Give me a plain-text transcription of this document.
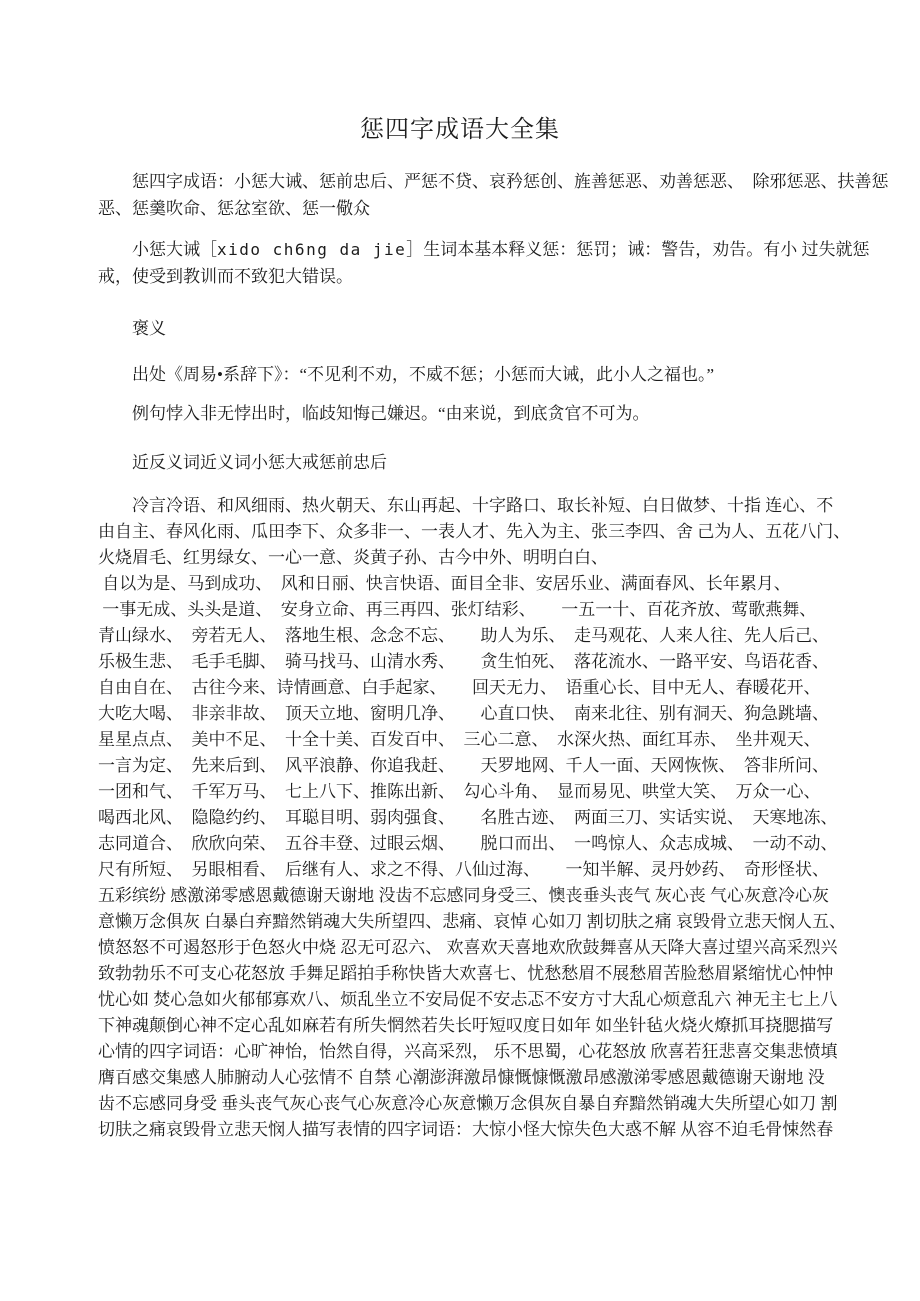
惩四字成语大全集

惩四字成语：小惩大诫、惩前忠后、严惩不贷、哀矜惩创、旌善惩恶、劝善惩恶、　除邪惩恶、扶善惩恶、惩羹吹命、惩忿室欲、惩一儆众

小惩大诫［xido ch6ng da jie］生词本基本释义惩：惩罚；诫：警告，劝告。有小 过失就惩戒，使受到教训而不致犯大错误。

褒义

出处《周易•系辞下》：“不见利不劝，不威不惩；小惩而大诫，此小人之福也。”

例句悖入非无悖出时，临歧知悔己嫌迟。“由来说，到底贪官不可为。

近反义词近义词小惩大戒惩前忠后

　　冷言冷语、和风细雨、热火朝天、东山再起、十字路口、取长补短、白日做梦、十指 连心、不
由自主、春风化雨、瓜田李下、众多非一、一表人才、先入为主、张三李四、舍 己为人、五花八门、
火烧眉毛、红男绿女、一心一意、炎黄子孙、古今中外、明明白白、
自以为是、马到成功、　风和日丽、快言快语、面目全非、安居乐业、满面春风、长年累月、
一事无成、头头是道、　安身立命、再三再四、张灯结彩、　　一五一十、百花齐放、莺歌燕舞、
青山绿水、　旁若无人、　落地生根、念念不忘、　　助人为乐、　走马观花、人来人往、先人后己、
乐极生悲、　毛手毛脚、　骑马找马、山清水秀、　　贪生怕死、　落花流水、一路平安、鸟语花香、
自由自在、　古往今来、诗情画意、白手起家、　　回天无力、　语重心长、目中无人、春暖花开、
大吃大喝、　非亲非故、　顶天立地、窗明几净、　　心直口快、　南来北往、别有洞天、狗急跳墙、
星星点点、　美中不足、　十全十美、百发百中、　三心二意、　水深火热、面红耳赤、　坐井观天、
一言为定、　先来后到、　风平浪静、你追我赶、　　天罗地网、千人一面、天网恢恢、　答非所问、
一团和气、　千军万马、　七上八下、推陈出新、　勾心斗角、　显而易见、哄堂大笑、　万众一心、
喝西北风、　隐隐约约、　耳聪目明、弱肉强食、　　名胜古迹、　两面三刀、实话实说、　天寒地冻、
志同道合、　欣欣向荣、　五谷丰登、过眼云烟、　　脱口而出、　一鸣惊人、众志成城、　一动不动、
尺有所短、　另眼相看、　后继有人、求之不得、八仙过海、　　一知半解、灵丹妙药、　奇形怪状、
五彩缤纷 感激涕零感恩戴德谢天谢地 没齿不忘感同身受三、懊丧垂头丧气 灰心丧 气心灰意冷心灰
意懒万念俱灰 白暴白弃黯然销魂大失所望四、悲痛、哀悼 心如刀 割切肤之痛 哀毁骨立悲天悯人五、
愤怒怒不可遏怒形于色怒火中烧 忍无可忍六、 欢喜欢天喜地欢欣鼓舞喜从天降大喜过望兴高采烈兴
致勃勃乐不可支心花怒放 手舞足蹈拍手称快皆大欢喜七、忧愁愁眉不展愁眉苦脸愁眉紧缩忧心忡忡
忧心如 焚心急如火郁郁寡欢八、烦乱坐立不安局促不安忐忑不安方寸大乱心烦意乱六 神无主七上八
下神魂颠倒心神不定心乱如麻若有所失惘然若失长吁短叹度日如年 如坐针毡火烧火燎抓耳挠腮描写
心情的四字词语：心旷神怡，怡然自得，兴高采烈， 乐不思蜀，心花怒放 欣喜若狂悲喜交集悲愤填
膺百感交集感人肺腑动人心弦情不 自禁 心潮澎湃激昂慷慨慷慨激昂感激涕零感恩戴德谢天谢地 没
齿不忘感同身受 垂头丧气灰心丧气心灰意冷心灰意懒万念俱灰自暴自弃黯然销魂大失所望心如刀 割
切肤之痛哀毁骨立悲天悯人描写表情的四字词语：大惊小怪大惊失色大惑不解 从容不迫毛骨悚然春
